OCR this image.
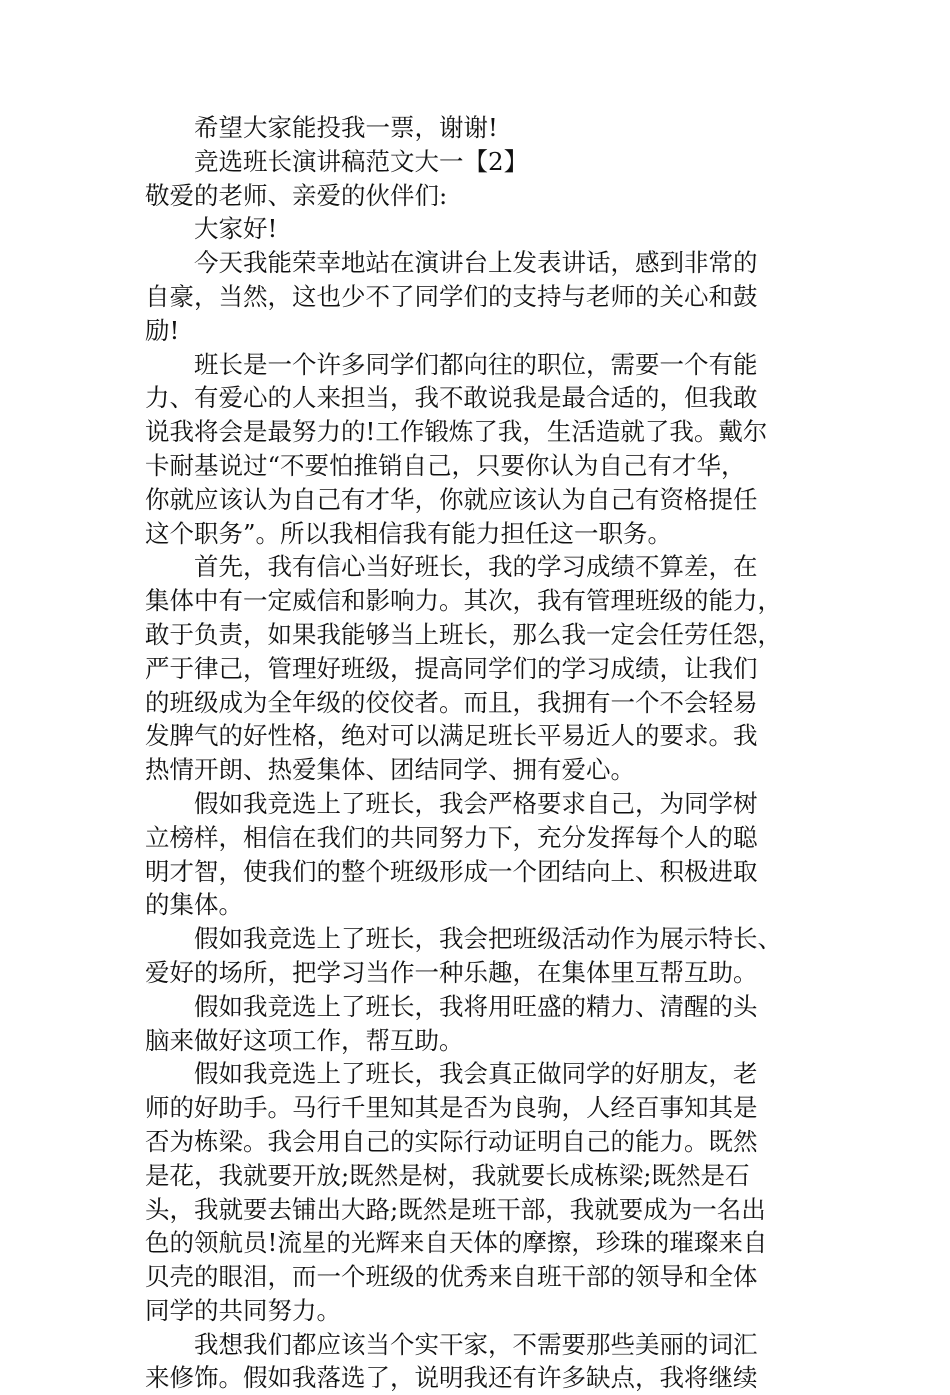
希望大家能投我一票，谢谢!
竞选班长演讲稿范文大一【2】
敬爱的老师、亲爱的伙伴们:
大家好!
今天我能荣幸地站在演讲台上发表讲话，感到非常的
自豪，当然，这也少不了同学们的支持与老师的关心和鼓
励!
班长是一个许多同学们都向往的职位，需要一个有能
力、有爱心的人来担当，我不敢说我是最合适的，但我敢
说我将会是最努力的!工作锻炼了我，生活造就了我。戴尔
卡耐基说过“不要怕推销自己，只要你认为自己有才华，
你就应该认为自己有才华，你就应该认为自己有资格提任
这个职务”。所以我相信我有能力担任这一职务。
首先，我有信心当好班长，我的学习成绩不算差，在
集体中有一定威信和影响力。其次，我有管理班级的能力，
敢于负责，如果我能够当上班长，那么我一定会任劳任怨，
严于律己，管理好班级，提高同学们的学习成绩，让我们
的班级成为全年级的佼佼者。而且，我拥有一个不会轻易
发脾气的好性格，绝对可以满足班长平易近人的要求。我
热情开朗、热爱集体、团结同学、拥有爱心。
假如我竞选上了班长，我会严格要求自己，为同学树
立榜样，相信在我们的共同努力下，充分发挥每个人的聪
明才智，使我们的整个班级形成一个团结向上、积极进取
的集体。
假如我竞选上了班长，我会把班级活动作为展示特长、
爱好的场所，把学习当作一种乐趣，在集体里互帮互助。
假如我竞选上了班长，我将用旺盛的精力、清醒的头
脑来做好这项工作，帮互助。
假如我竞选上了班长，我会真正做同学的好朋友，老
师的好助手。马行千里知其是否为良驹，人经百事知其是
否为栋梁。我会用自己的实际行动证明自己的能力。既然
是花，我就要开放;既然是树，我就要长成栋梁;既然是石
头，我就要去铺出大路;既然是班干部，我就要成为一名出
色的领航员!流星的光辉来自天体的摩擦，珍珠的璀璨来自
贝壳的眼泪，而一个班级的优秀来自班干部的领导和全体
同学的共同努力。
我想我们都应该当个实干家，不需要那些美丽的词汇
来修饰。假如我落选了，说明我还有许多缺点，我将继续
